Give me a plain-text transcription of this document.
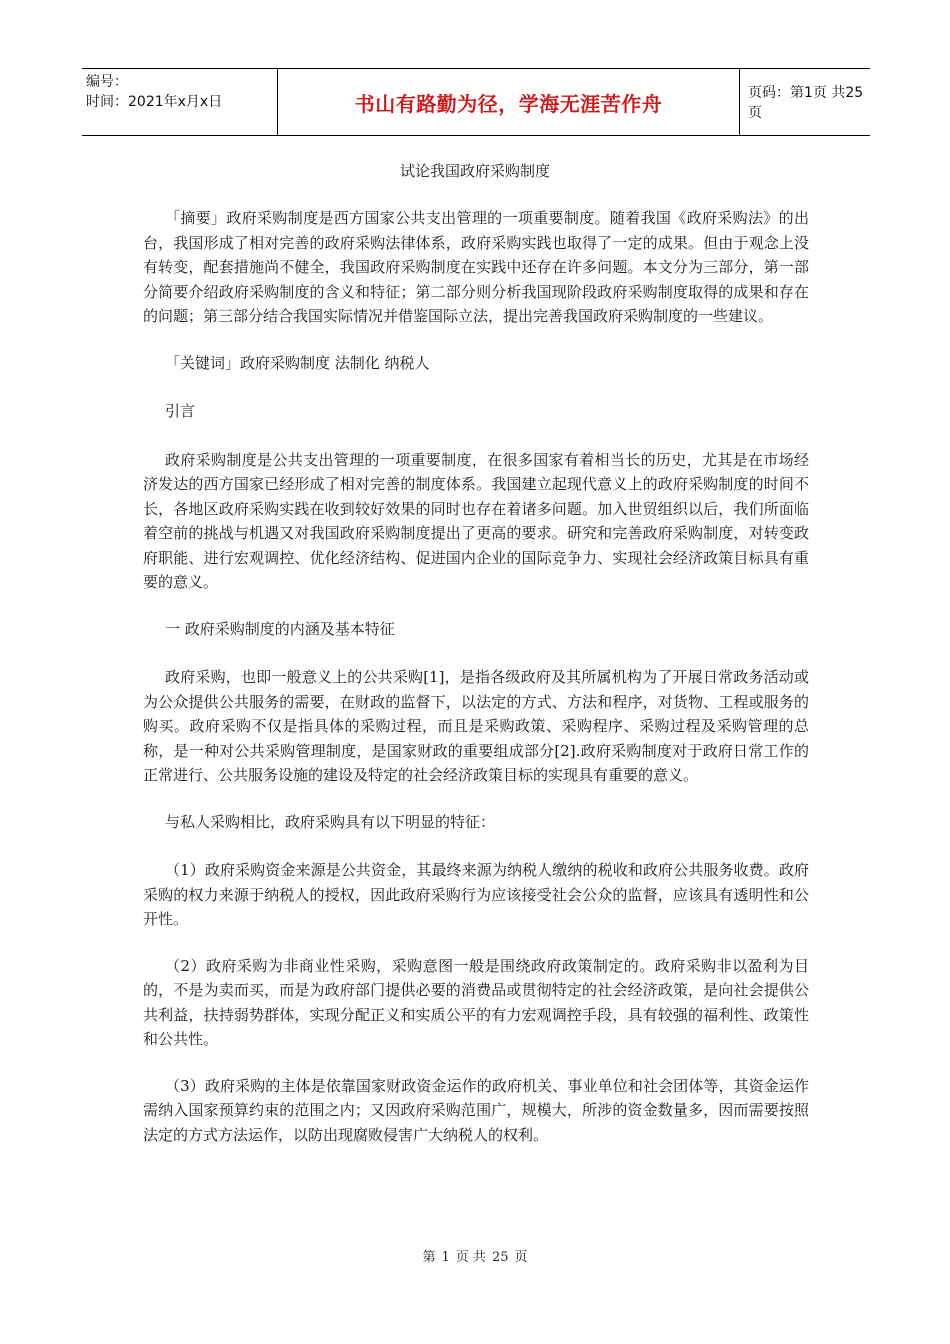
编号：
时间：2021年x月x日	书山有路勤为径，学海无涯苦作舟	页码：第1页 共25页
试论我国政府采购制度

「摘要」政府采购制度是西方国家公共支出管理的一项重要制度。随着我国《政府采购法》的出台，我国形成了相对完善的政府采购法律体系，政府采购实践也取得了一定的成果。但由于观念上没有转变，配套措施尚不健全，我国政府采购制度在实践中还存在许多问题。本文分为三部分，第一部分简要介绍政府采购制度的含义和特征；第二部分则分析我国现阶段政府采购制度取得的成果和存在的问题；第三部分结合我国实际情况并借鉴国际立法，提出完善我国政府采购制度的一些建议。

「关键词」政府采购制度 法制化 纳税人

引言

政府采购制度是公共支出管理的一项重要制度，在很多国家有着相当长的历史，尤其是在市场经济发达的西方国家已经形成了相对完善的制度体系。我国建立起现代意义上的政府采购制度的时间不长，各地区政府采购实践在收到较好效果的同时也存在着诸多问题。加入世贸组织以后，我们所面临着空前的挑战与机遇又对我国政府采购制度提出了更高的要求。研究和完善政府采购制度，对转变政府职能、进行宏观调控、优化经济结构、促进国内企业的国际竞争力、实现社会经济政策目标具有重要的意义。

一 政府采购制度的内涵及基本特征

政府采购，也即一般意义上的公共采购[1]，是指各级政府及其所属机构为了开展日常政务活动或为公众提供公共服务的需要，在财政的监督下，以法定的方式、方法和程序，对货物、工程或服务的购买。政府采购不仅是指具体的采购过程，而且是采购政策、采购程序、采购过程及采购管理的总称，是一种对公共采购管理制度，是国家财政的重要组成部分[2].政府采购制度对于政府日常工作的正常进行、公共服务设施的建设及特定的社会经济政策目标的实现具有重要的意义。

与私人采购相比，政府采购具有以下明显的特征：

（1）政府采购资金来源是公共资金，其最终来源为纳税人缴纳的税收和政府公共服务收费。政府采购的权力来源于纳税人的授权，因此政府采购行为应该接受社会公众的监督，应该具有透明性和公开性。

（2）政府采购为非商业性采购，采购意图一般是围绕政府政策制定的。政府采购非以盈利为目的，不是为卖而买，而是为政府部门提供必要的消费品或贯彻特定的社会经济政策，是向社会提供公共利益，扶持弱势群体，实现分配正义和实质公平的有力宏观调控手段，具有较强的福利性、政策性和公共性。

（3）政府采购的主体是依靠国家财政资金运作的政府机关、事业单位和社会团体等，其资金运作需纳入国家预算约束的范围之内；又因政府采购范围广，规模大，所涉的资金数量多，因而需要按照法定的方式方法运作，以防出现腐败侵害广大纳税人的权利。

第 1 页 共 25 页
